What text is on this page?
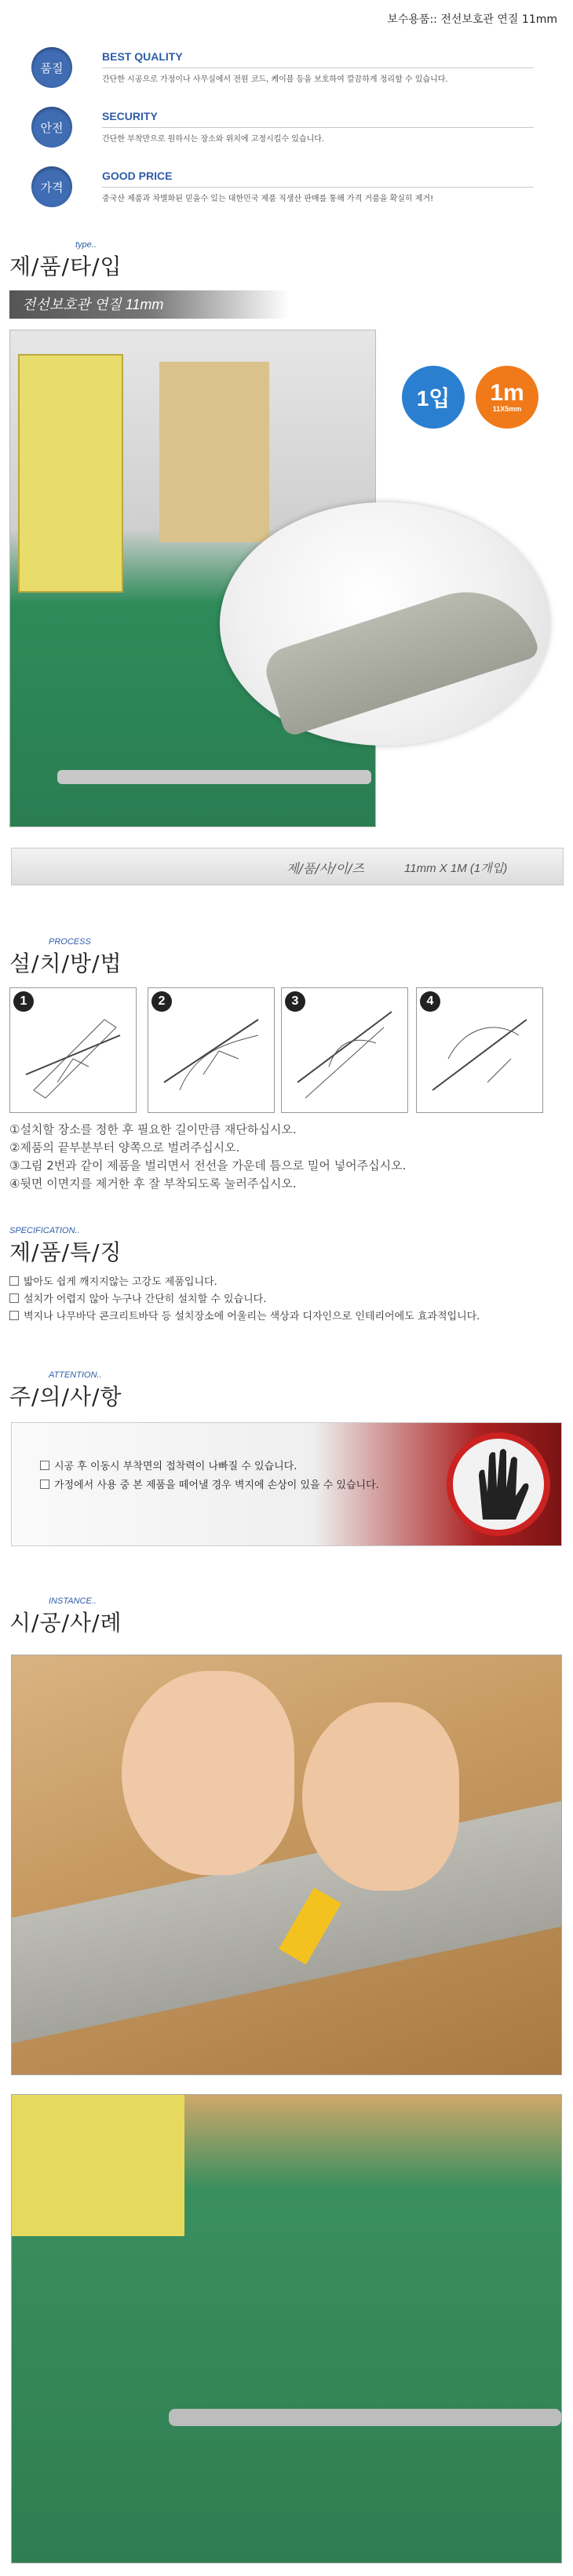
보수용품:: 전선보호관 연질 11mm
품질
BEST QUALITY
간단한 시공으로 가정이나 사무실에서 전원 코드, 케이블 등을 보호하여 깔끔하게 정리할 수 있습니다.
안전
SECURITY
간단한 부착만으로 원하시는 장소와 위치에 고정시킬수 있습니다.
가격
GOOD PRICE
중국산 제품과 차별화된 믿을수 있는 대한민국 제품 직생산 판매를 통해 가격 거품을 확실히 제거!
type..
제/품/타/입
전선보호관 연질 11mm
1입 1m
11X5mm
제/품/사/이/즈	11mm X 1M (1개입)
PROCESS
설/치/방/법
1	2	3	4
①설치할 장소를 정한 후 필요한 길이만큼 재단하십시오.
②제품의 끝부분부터 양쪽으로 벌려주십시오.
③그림 2번과 같이 제품을 벌리면서 전선을 가운데 틈으로 밀어 넣어주십시오.
④뒷면 이면지를 제거한 후 잘 부착되도록 눌러주십시오.
SPECIFICATION..
제/품/특/징
밟아도 쉽게 깨지지않는 고강도 제품입니다.
설치가 어렵지 않아 누구나 간단히 설치할 수 있습니다.
벽지나 나무바닥 콘크리트바닥 등 설치장소에 어울리는 색상과 디자인으로 인테리어에도 효과적입니다.
ATTENTION..
주/의/사/항
시공 후 이동시 부착면의 접착력이 나빠질 수 있습니다.
가정에서 사용 중 본 제품을 떼어낼 경우 벽지에 손상이 있을 수 있습니다.
INSTANCE..
시/공/사/례
